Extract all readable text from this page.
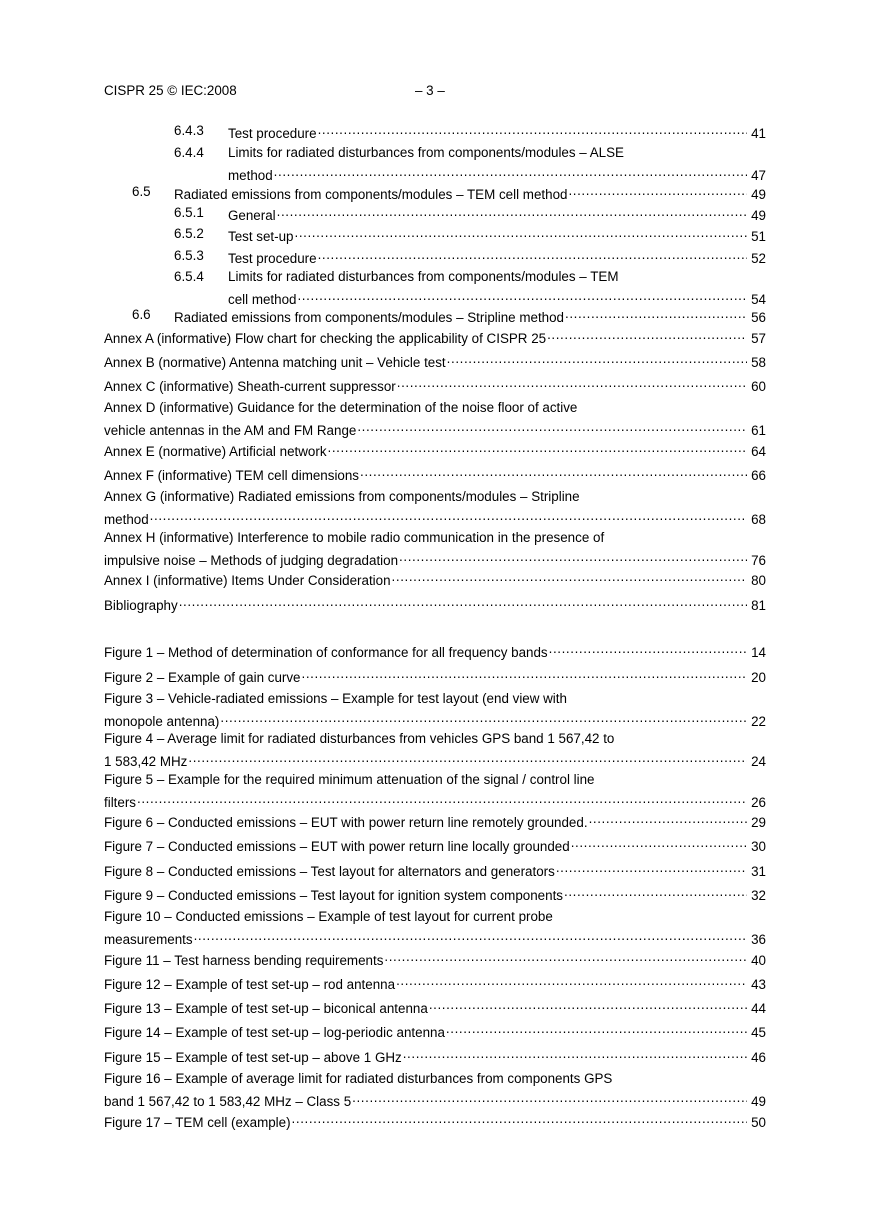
CISPR 25 © IEC:2008	– 3 –
6.4.3 Test procedure .....	41
6.4.4 Limits for radiated disturbances from components/modules – ALSE
method .....	47
6.5 Radiated emissions from components/modules – TEM cell method .....	49
6.5.1 General .....	49
6.5.2 Test set-up .....	51
6.5.3 Test procedure .....	52
6.5.4 Limits for radiated disturbances from components/modules – TEM
cell method .....	54
6.6 Radiated emissions from components/modules – Stripline method .....	56
Annex A (informative) Flow chart for checking the applicability of CISPR 25 .....	57
Annex B (normative) Antenna matching unit – Vehicle test .....	58
Annex C (informative) Sheath-current suppressor .....	60
Annex D (informative) Guidance for the determination of the noise floor of active
vehicle antennas in the AM and FM Range .....	61
Annex E (normative) Artificial network .....	64
Annex F (informative) TEM cell dimensions .....	66
Annex G (informative) Radiated emissions from components/modules – Stripline
method .....	68
Annex H (informative) Interference to mobile radio communication in the presence of
impulsive noise – Methods of judging degradation .....	76
Annex I (informative) Items Under Consideration .....	80
Bibliography .....	81
Figure 1 – Method of determination of conformance for all frequency bands .....	14
Figure 2 – Example of gain curve .....	20
Figure 3 – Vehicle-radiated emissions – Example for test layout (end view with
monopole antenna) .....	22
Figure 4 – Average limit for radiated disturbances from vehicles GPS band 1 567,42 to
1 583,42 MHz .....	24
Figure 5 – Example for the required minimum attenuation of the signal / control line
filters .....	26
Figure 6 – Conducted emissions – EUT with power return line remotely grounded. .....	29
Figure 7 – Conducted emissions – EUT with power return line locally grounded .....	30
Figure 8 – Conducted emissions – Test layout for alternators and generators .....	31
Figure 9 – Conducted emissions – Test layout for ignition system components .....	32
Figure 10 – Conducted emissions – Example of test layout for current probe
measurements .....	36
Figure 11 – Test harness bending requirements .....	40
Figure 12 – Example of test set-up – rod antenna .....	43
Figure 13 – Example of test set-up – biconical antenna .....	44
Figure 14 – Example of test set-up – log-periodic antenna .....	45
Figure 15 – Example of test set-up – above 1 GHz .....	46
Figure 16 – Example of average limit for radiated disturbances from components GPS
band 1 567,42 to 1 583,42 MHz – Class 5 .....	49
Figure 17 – TEM cell (example) .....	50
